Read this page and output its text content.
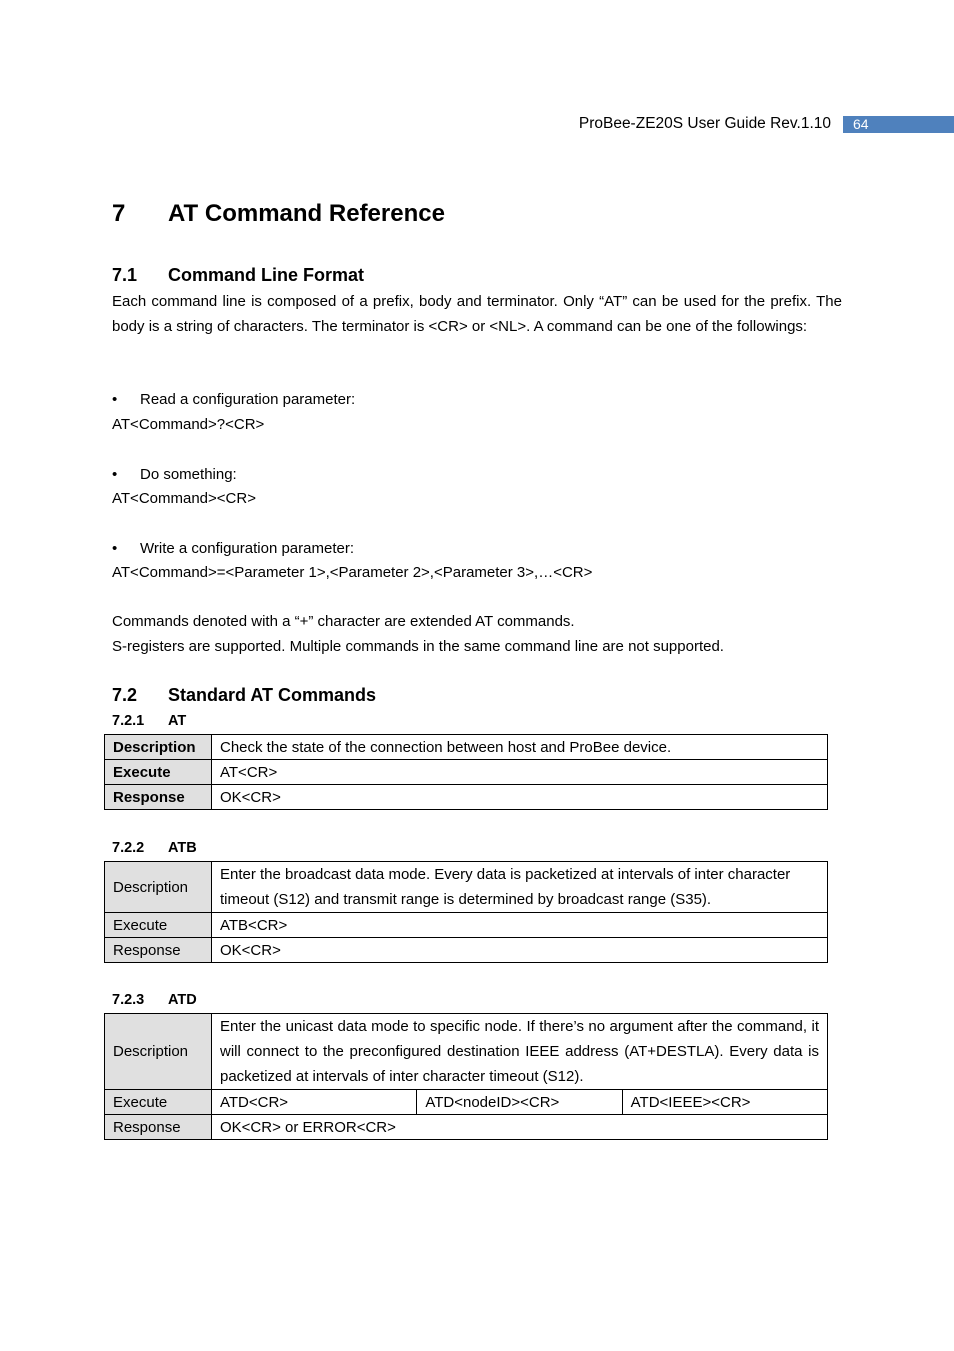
ProBee-ZE20S User Guide Rev.1.10	64
7 AT Command Reference
7.1 Command Line Format
Each command line is composed of a prefix, body and terminator. Only “AT” can be used for the prefix. The body is a string of characters. The terminator is <CR> or <NL>. A command can be one of the followings:
• Read a configuration parameter:
AT<Command>?<CR>
• Do something:
AT<Command><CR>
• Write a configuration parameter:
AT<Command>=<Parameter 1>,<Parameter 2>,<Parameter 3>,…<CR>
Commands denoted with a “+” character are extended AT commands.
S-registers are supported. Multiple commands in the same command line are not supported.
7.2 Standard AT Commands
7.2.1 AT
Description	Check the state of the connection between host and ProBee device.
Execute	AT<CR>
Response	OK<CR>
7.2.2 ATB
Description	Enter the broadcast data mode. Every data is packetized at intervals of inter character timeout (S12) and transmit range is determined by broadcast range (S35).
Execute	ATB<CR>
Response	OK<CR>
7.2.3 ATD
Description	Enter the unicast data mode to specific node. If there’s no argument after the command, it will connect to the preconfigured destination IEEE address (AT+DESTLA). Every data is packetized at intervals of inter character timeout (S12).		
Execute	ATD<CR>	ATD<nodeID><CR>	ATD<IEEE><CR>
Response	OK<CR> or ERROR<CR>		
